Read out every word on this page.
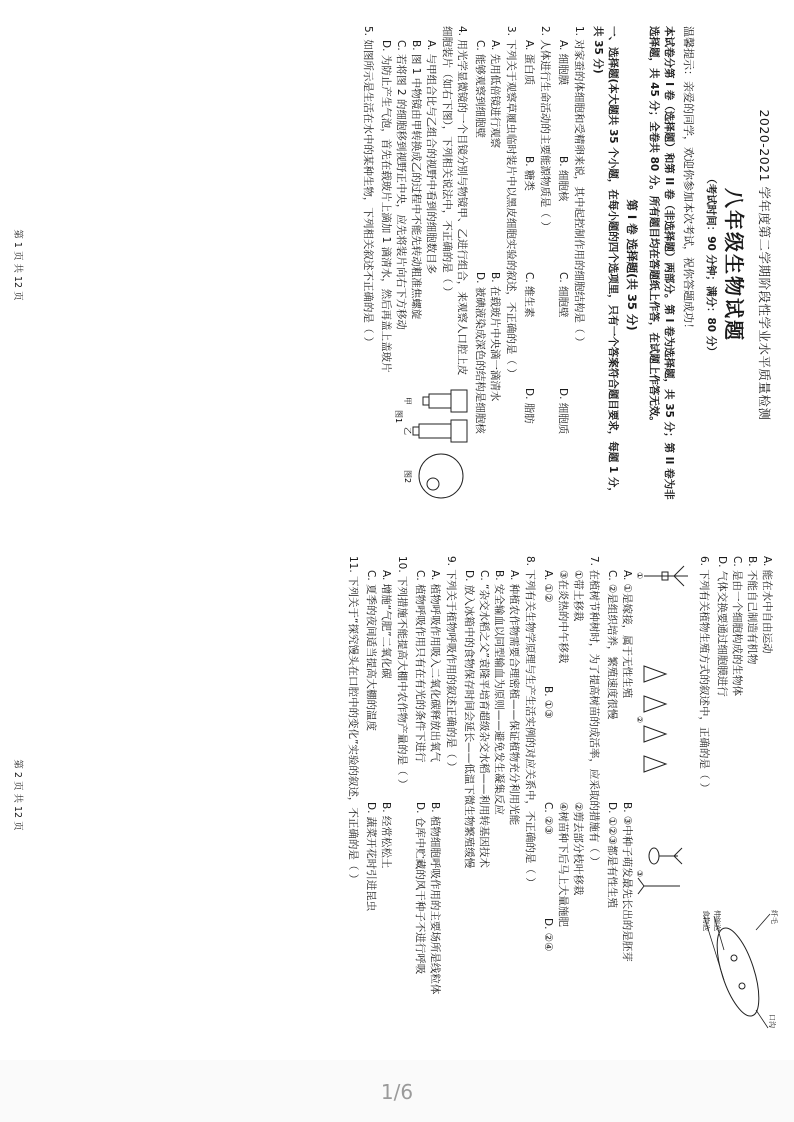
2020-2021 学年度第二学期阶段性学业水平质量检测
八年级生物试题
（考试时间：90 分钟；满分：80 分）
温馨提示：亲爱的同学，欢迎你参加本次考试，祝你答题成功！
本试卷分第 I 卷（选择题）和第 II 卷（非选择题）两部分。第 I 卷为选择题，共 35 分；第 II 卷为非选择题，共 45 分；全卷共 80 分。所有题目均在答题纸上作答，在试题上作答无效。
第 I 卷 选择题(共 35 分)
一、选择题(本大题共 35 个小题，在每小题的四个选项里，只有一个答案符合题目要求，每题 1 分，共 35 分)
1. 对家蚕的体细胞和受精卵来说，其中起控制作用的细胞结构是（ ）
A. 细胞膜
B. 细胞核
C. 细胞壁
D. 细胞质
2. 人体进行生命活动的主要能源物质是（ ）
A. 蛋白质
B. 糖类
C. 维生素
D. 脂肪
3. 下列关于观察草履虫临时装片中以黑皮细胞实验的叙述，不正确的是（ ）
A. 先用低倍镜进行观察
B. 在载玻片中央滴一滴清水
C. 能够观察到细胞壁
D. 被碘液染成深色的结构是细胞核
4. 用光学显微镜的一个目镜分别与物镜甲、乙进行组合，来观察人口腔上皮细胞装片（如右下图），下列相关说法中，不正确的是（ ）
A. 与甲组合比与乙组合的视野中看到的细胞数目多
B. 图 1 中物镜由甲转换成乙的过程中不能先转动粗准焦螺旋
C. 若将图 2 的细胞移到视野正中央，应先将装片向右下方移动
D. 为防止产生气泡，首先在载玻片上滴加 1 滴清水，然后再盖上盖玻片
甲
乙
图1
图2
5. 如图所示是生活在水中的某种生物，下列相关叙述不正确的是（ ）
第 1 页 共 12 页
A. 能在水中自由运动
B. 不能自己制造有机物
C. 是由一个细胞构成的生物体
D. 气体交换要通过细胞膜进行
纤毛
口沟
伸缩泡
食物泡
6. 下列有关植物生殖方式的叙述中，正确的是（ ）
①
②
③
A. ①是嫁接，属于无性生殖
B. ③中种子萌发最先长出的是胚芽
C. ②是组织培养，繁殖速度很慢
D. ①②③都是有性生殖
7. 在植树节种树时，为了提高树苗的成活率，应采取的措施有（ ）
①带土移栽
②剪去部分枝叶移栽
③在炎热的中午移栽
④树苗种下后马上大量施肥
A. ①②
B. ①③
C. ②③
D. ②④
8. 下列有关生物学原理与生产生活实例的对应关系中，不正确的是（ ）
A. 种植农作物需要合理密植——保证植物充分利用光能
B. 安全输血以同型输血为原则——避免发生凝集反应
C. “杂交水稻之父”袁隆平培育超级杂交水稻——利用转基因技术
D. 放入冰箱中的食物保存时间会延长——低温下微生物繁殖缓慢
9. 下列关于植物呼吸作用的叙述正确的是（ ）
A. 植物呼吸作用吸入二氧化碳释放出氧气
B. 植物细胞呼吸作用的主要场所是线粒体
C. 植物呼吸作用只有在有光的条件下进行
D. 仓库中贮藏的风干种子不进行呼吸
10. 下列措施不能提高大棚中农作物产量的是（ ）
A. 增施“气肥”二氧化碳
B. 经常松松土
C. 夏季的夜间适当提高大棚的温度
D. 蔬菜开花时引进昆虫
11. 下列关于“探究馒头在口腔中的变化”实验的叙述，不正确的是（ ）
第 2 页 共 12 页
1/6
